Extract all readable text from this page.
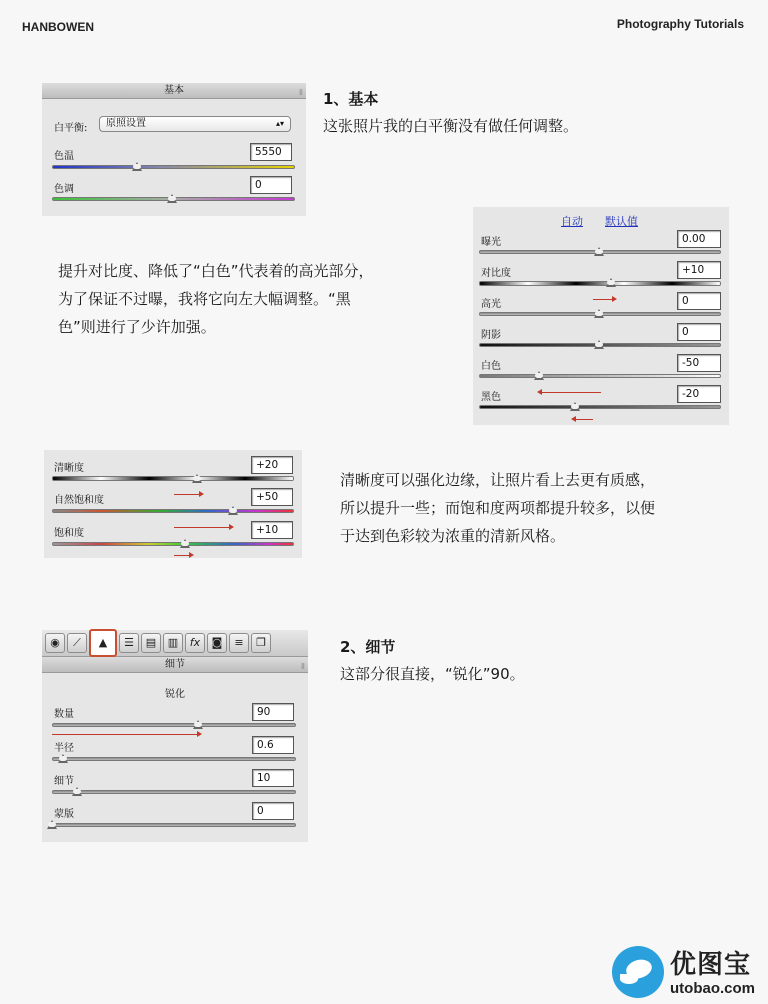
HANBOWEN	Photography Tutorials
基本	⁝⁝
白平衡:	原照设置	▴▾
色温	5550
色调	0
1、基本
这张照片我的白平衡没有做任何调整。
提升对比度、降低了“白色”代表着的高光部分，
为了保证不过曝，我将它向左大幅调整。“黑
色”则进行了少许加强。
自动 默认值
曝光	0.00
对比度	+10
高光	0
阴影	0
白色	-50
黑色	-20
清晰度	+20
自然饱和度	+50
饱和度	+10
清晰度可以强化边缘，让照片看上去更有质感，
所以提升一些；而饱和度两项都提升较多，以便
于达到色彩较为浓重的清新风格。
◉	⟋	▲	☰	▤	▥	fx	◙	≡	❐
细节	⁝⁝
锐化
数量	90
半径	0.6
细节	10
蒙版	0
2、细节
这部分很直接，“锐化”90。
优图宝
utobao.com
